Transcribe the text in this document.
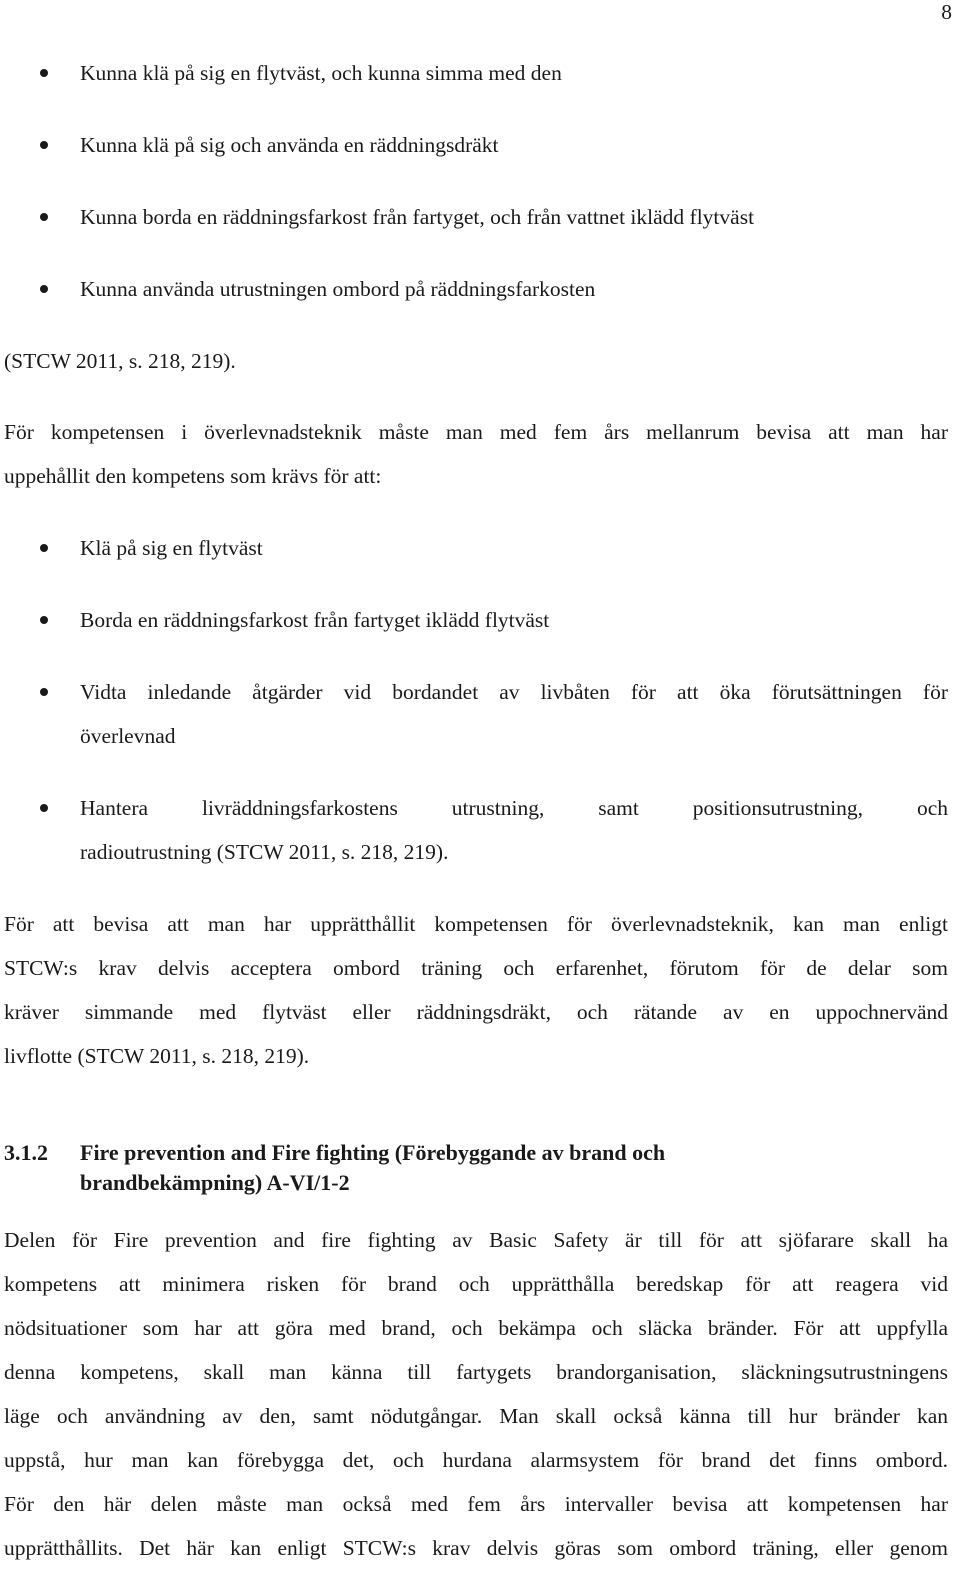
8
Kunna klä på sig en flytväst, och kunna simma med den
Kunna klä på sig och använda en räddningsdräkt
Kunna borda en räddningsfarkost från fartyget, och från vattnet iklädd flytväst
Kunna använda utrustningen ombord på räddningsfarkosten
(STCW 2011, s. 218, 219).
För kompetensen i överlevnadsteknik måste man med fem års mellanrum bevisa att man har
uppehållit den kompetens som krävs för att:
Klä på sig en flytväst
Borda en räddningsfarkost från fartyget iklädd flytväst
Vidta inledande åtgärder vid bordandet av livbåten för att öka förutsättningen för
överlevnad
Hantera livräddningsfarkostens utrustning, samt positionsutrustning, och
radioutrustning (STCW 2011, s. 218, 219).
För att bevisa att man har upprätthållit kompetensen för överlevnadsteknik, kan man enligt
STCW:s krav delvis acceptera ombord träning och erfarenhet, förutom för de delar som
kräver simmande med flytväst eller räddningsdräkt, och rätande av en uppochnervänd
livflotte (STCW 2011, s. 218, 219).
3.1.2 Fire prevention and Fire fighting (Förebyggande av brand och
brandbekämpning) A-VI/1-2
Delen för Fire prevention and fire fighting av Basic Safety är till för att sjöfarare skall ha
kompetens att minimera risken för brand och upprätthålla beredskap för att reagera vid
nödsituationer som har att göra med brand, och bekämpa och släcka bränder. För att uppfylla
denna kompetens, skall man känna till fartygets brandorganisation, släckningsutrustningens
läge och användning av den, samt nödutgångar. Man skall också känna till hur bränder kan
uppstå, hur man kan förebygga det, och hurdana alarmsystem för brand det finns ombord.
För den här delen måste man också med fem års intervaller bevisa att kompetensen har
upprätthållits. Det här kan enligt STCW:s krav delvis göras som ombord träning, eller genom
